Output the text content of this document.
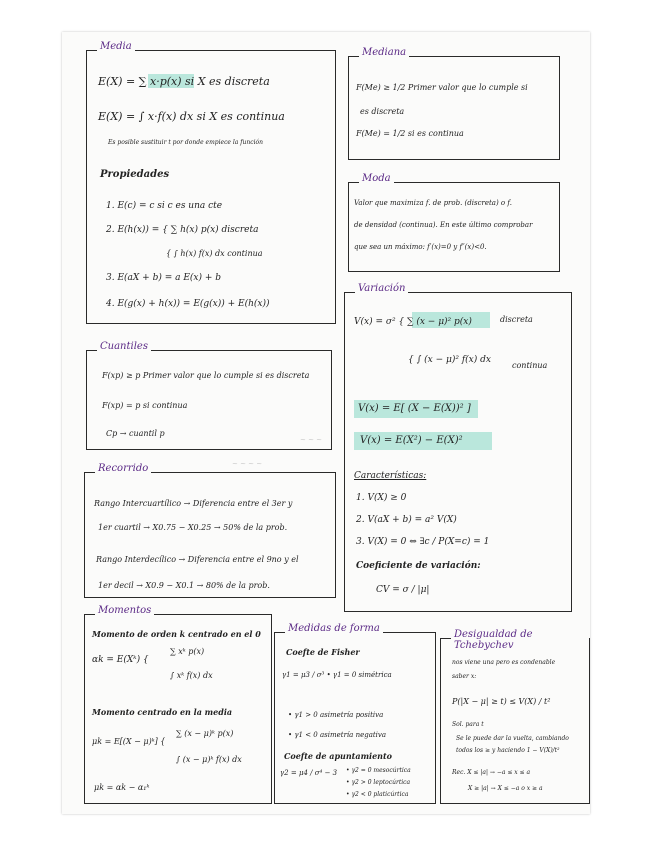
~ ~ ~
~ ~ ~ ~
Media
E(X) = ∑ x·p(x) si X es discreta
E(X) = ∫ x·f(x) dx si X es continua
Es posible sustituir t por donde empiece la función
Propiedades
1. E(c) = c si c es una cte
2. E(h(x)) = { ∑ h(x) p(x) discreta
{ ∫ h(x) f(x) dx continua
3. E(aX + b) = a E(x) + b
4. E(g(x) + h(x)) = E(g(x)) + E(h(x))
Mediana
F(Me) ≥ 1/2 Primer valor que lo cumple si
es discreta
F(Me) = 1/2 si es continua
Moda
Valor que maximiza f. de prob. (discreta) o f.
de densidad (continua). En este último comprobar
que sea un máximo: f′(x)=0 y f″(x)<0.
Variación
V(x) = σ² { ∑ (x − μ)² p(x)	discreta
{ ∫ (x − μ)² f(x) dx
continua
V(x) = E[ (X − E(X))² ]
V(x) = E(X²) − E(X)²
Características:
1. V(X) ≥ 0
2. V(aX + b) = a² V(X)
3. V(X) = 0 ⇔ ∃c / P(X=c) = 1
Coeficiente de variación:
CV = σ / |μ|
Cuantiles
F(xp) ≥ p Primer valor que lo cumple si es discreta
F(xp) = p si continua
Cp → cuantil p
Recorrido
Rango Intercuartílico → Diferencia entre el 3er y
1er cuartil → X0.75 − X0.25 → 50% de la prob.
Rango Interdecílico → Diferencia entre el 9no y el
1er decil → X0.9 − X0.1 → 80% de la prob.
Momentos
Momento de orden k centrado en el 0
αk = E(Xᵏ) {
∑ xᵏ p(x)
∫ xᵏ f(x) dx
Momento centrado en la media
μk = E[(X − μ)ᵏ] {
∑ (x − μ)ᵏ p(x)
∫ (x − μ)ᵏ f(x) dx
μk = αk − α₁ᵏ
Medidas de forma
Coefte de Fisher
γ1 = μ3 / σ³ • γ1 = 0 simétrica
• γ1 > 0 asimetría positiva
• γ1 < 0 asimetría negativa
Coefte de apuntamiento
γ2 = μ4 / σ⁴ − 3 • γ2 = 0 mesocúrtica
• γ2 > 0 leptocúrtica
• γ2 < 0 platicúrtica
Desigualdad de Tchebychev
nos viene una pero es condenable
saber x:
P(|X − μ| ≥ t) ≤ V(X) / t²
Sol. para t
Se le puede dar la vuelta, cambiando
todos los ≥ y haciendo 1 − V(X)/t²
Rec. X ≤ |a| → −a ≤ x ≤ a
X ≥ |a| → X ≤ −a o x ≥ a
